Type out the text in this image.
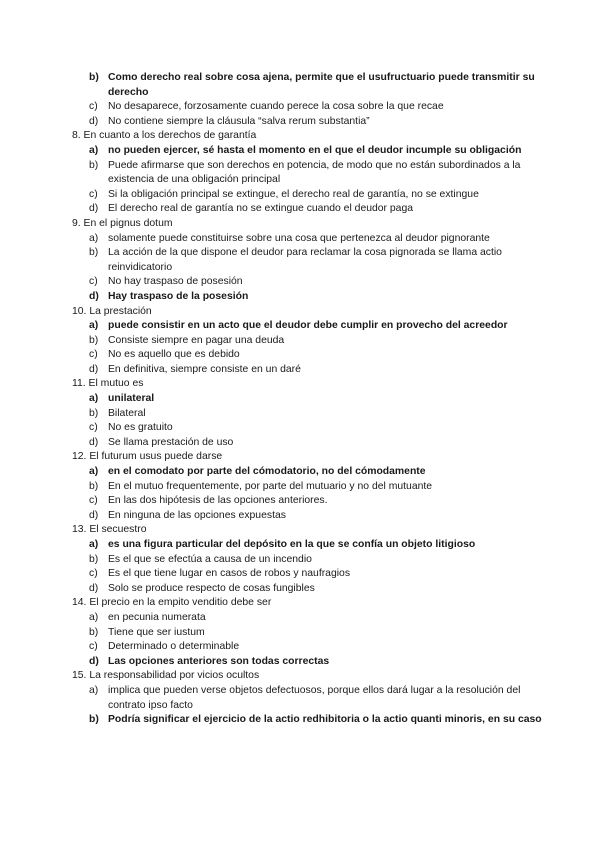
b) Como derecho real sobre cosa ajena, permite que el usufructuario puede transmitir su derecho
c) No desaparece, forzosamente cuando perece la cosa sobre la que recae
d) No contiene siempre la cláusula “salva rerum substantia”
8. En cuanto a los derechos de garantía
a) no pueden ejercer, sé hasta el momento en el que el deudor incumple su obligación
b) Puede afirmarse que son derechos en potencia, de modo que no están subordinados a la existencia de una obligación principal
c) Si la obligación principal se extingue, el derecho real de garantía, no se extingue
d) El derecho real de garantía no se extingue cuando el deudor paga
9. En el pignus dotum
a) solamente puede constituirse sobre una cosa que pertenezca al deudor pignorante
b) La acción de la que dispone el deudor para reclamar la cosa pignorada se llama actio reinvidicatorio
c) No hay traspaso de posesión
d) Hay traspaso de la posesión
10. La prestación
a) puede consistir en un acto que el deudor debe cumplir en provecho del acreedor
b) Consiste siempre en pagar una deuda
c) No es aquello que es debido
d) En definitiva, siempre consiste en un daré
11. El mutuo es
a) unilateral
b) Bilateral
c) No es gratuito
d) Se llama prestación de uso
12. El futurum usus puede darse
a) en el comodato por parte del cómodatorio, no del cómodamente
b) En el mutuo frequentemente, por parte del mutuario y no del mutuante
c) En las dos hipótesis de las opciones anteriores.
d) En ninguna de las opciones expuestas
13. El secuestro
a) es una figura particular del depósito en la que se confía un objeto litigioso
b) Es el que se efectúa a causa de un incendio
c) Es el que tiene lugar en casos de robos y naufragios
d) Solo se produce respecto de cosas fungibles
14. El precio en la empito venditio debe ser
a) en pecunia numerata
b) Tiene que ser iustum
c) Determinado o determinable
d) Las opciones anteriores son todas correctas
15. La responsabilidad por vicios ocultos
a) implica que pueden verse objetos defectuosos, porque ellos dará lugar a la resolución del contrato ipso facto
b) Podría significar el ejercicio de la actio redhibitoria o la actio quanti minoris, en su caso
